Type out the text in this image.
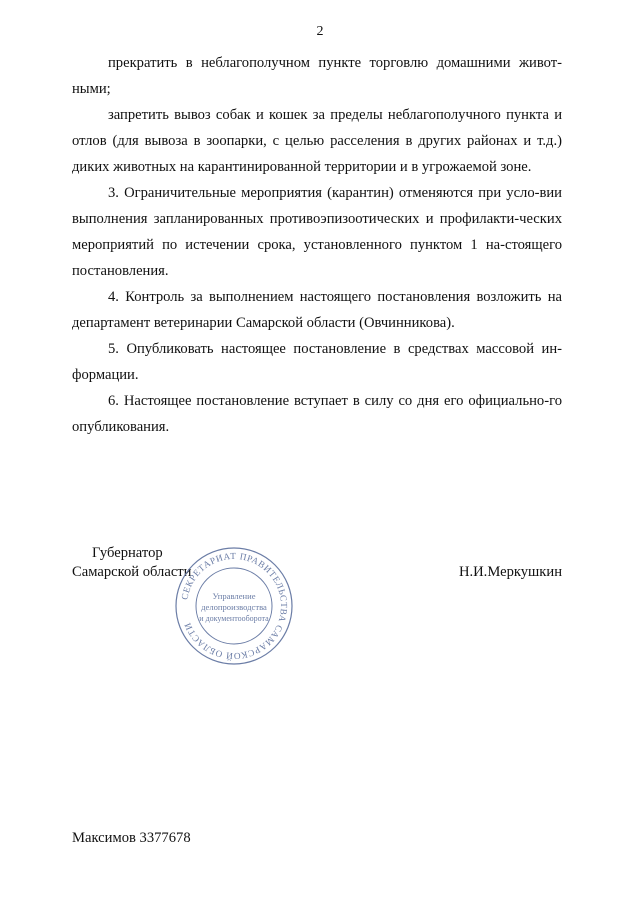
2

прекратить в неблагополучном пункте торговлю домашними живот-ными;

запретить вывоз собак и кошек за пределы неблагополучного пункта и отлов (для вывоза в зоопарки, с целью расселения в других районах и т.д.) диких животных на карантинированной территории и в угрожаемой зоне.

3. Ограничительные мероприятия (карантин) отменяются при усло-вии выполнения запланированных противоэпизоотических и профилакти-ческих мероприятий по истечении срока, установленного пунктом 1 на-стоящего постановления.

4. Контроль за выполнением настоящего постановления возложить на департамент ветеринарии Самарской области (Овчинникова).

5. Опубликовать настоящее постановление в средствах массовой ин-формации.

6. Настоящее постановление вступает в силу со дня его официально-го опубликования.

Губернатор
Самарской области
СЕКРЕТАРИАТ ПРАВИТЕЛЬСТВА САМАРСКОЙ ОБЛАСТИ
Управление
делопроизводства
и документооборота
Н.И.Меркушкин
Максимов 3377678
